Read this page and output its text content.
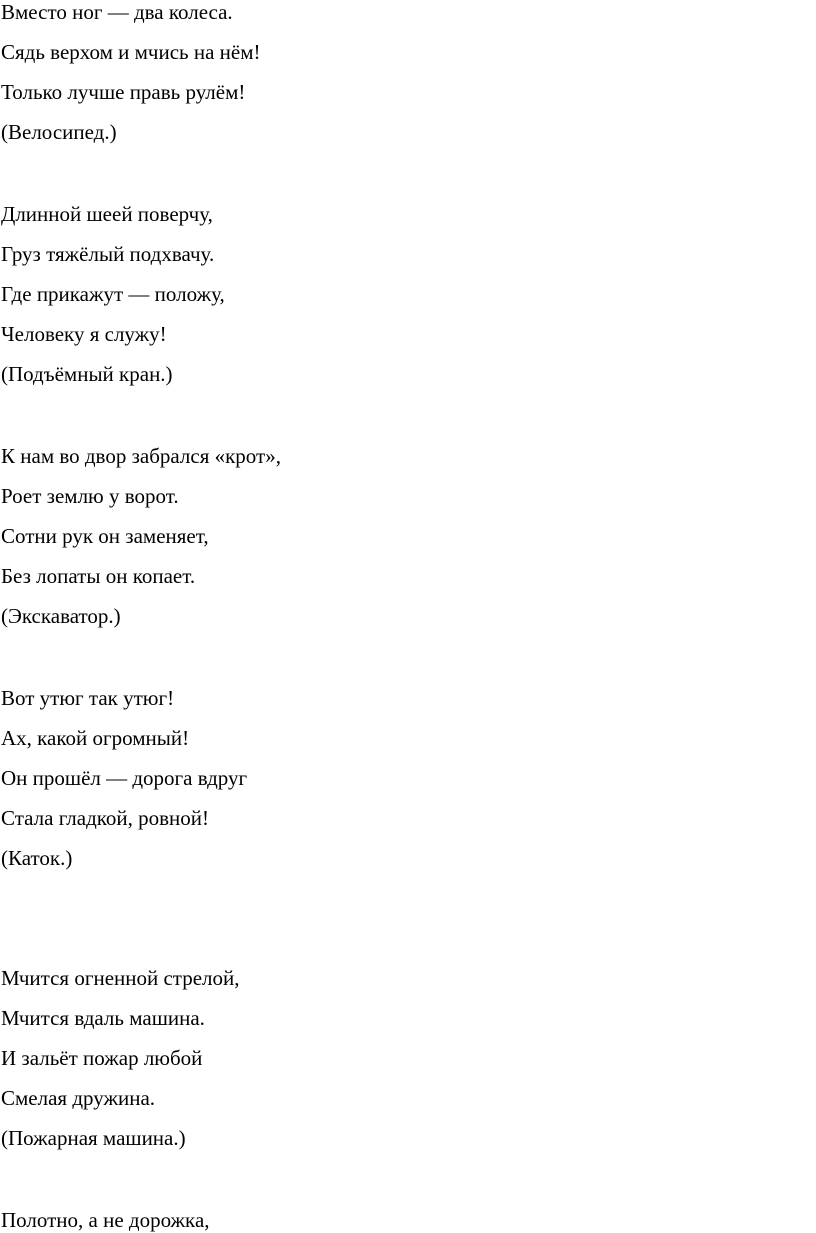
Вместо ног — два колеса.

Сядь верхом и мчись на нём!

Только лучше правь рулём!

(Велосипед.)

Длинной шеей поверчу,

Груз тяжёлый подхвачу.

Где прикажут — положу,

Человеку я служу!

(Подъёмный кран.)

К нам во двор забрался «крот»,

Роет землю у ворот.

Сотни рук он заменяет,

Без лопаты он копает.

(Экскаватор.)

Вот утюг так утюг!

Ах, какой огромный!

Он прошёл — дорога вдруг

Стала гладкой, ровной!

(Каток.)

Мчится огненной стрелой,

Мчится вдаль машина.

И зальёт пожар любой

Смелая дружина.

(Пожарная машина.)

Полотно, а не дорожка,
